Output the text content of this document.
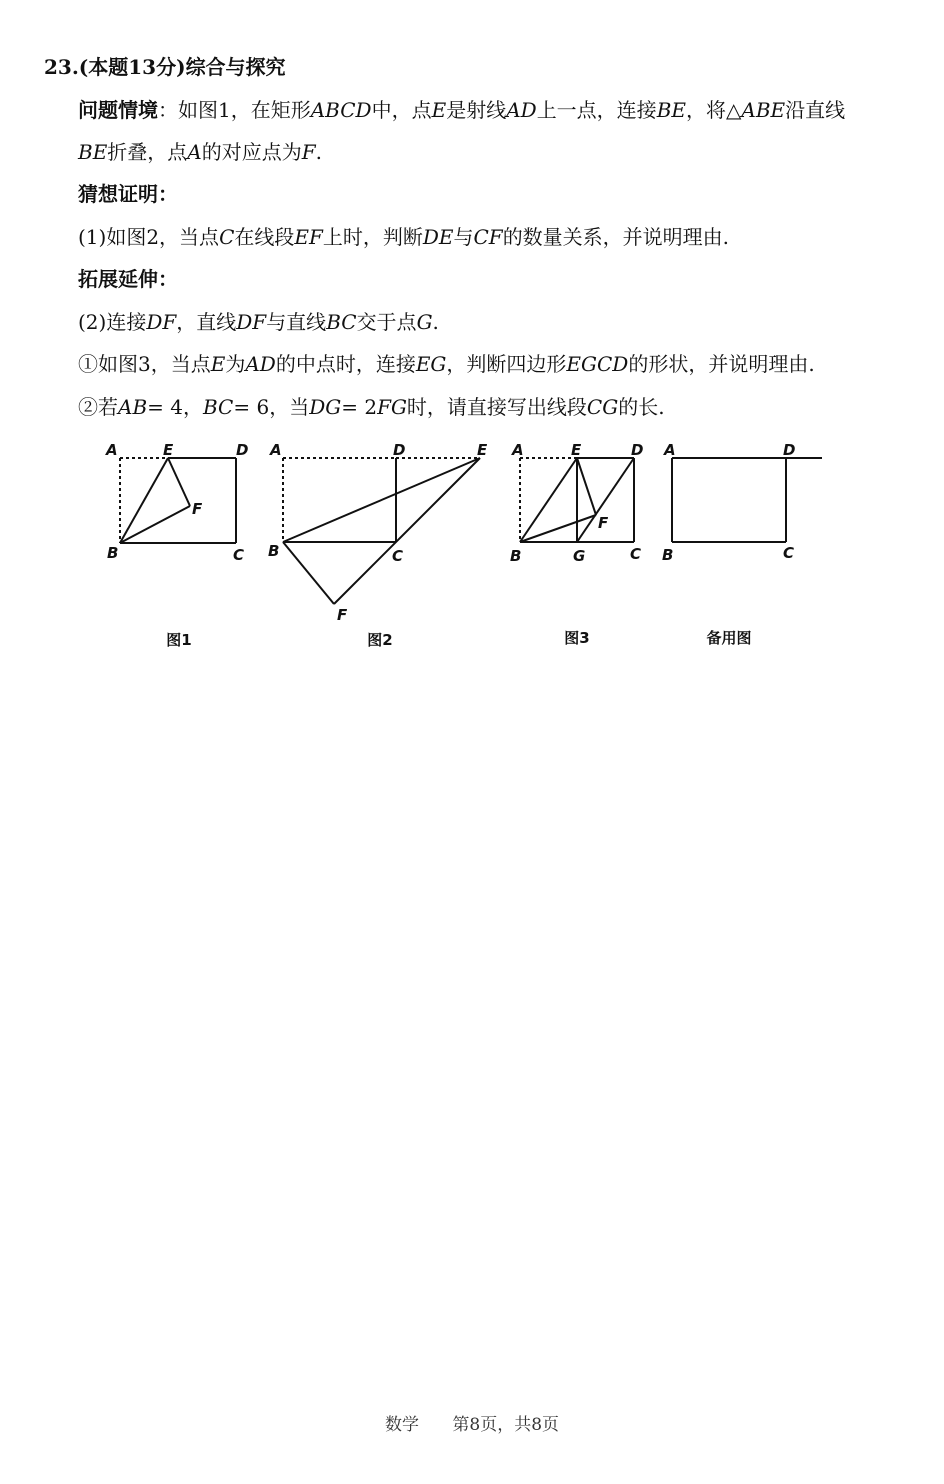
23.(本题13分)综合与探究
问题情境：如图1，在矩形ABCD中，点E是射线AD上一点，连接BE，将△ABE沿直线
BE折叠，点A的对应点为F.
猜想证明：
(1)如图2，当点C在线段EF上时，判断DE与CF的数量关系，并说明理由.
拓展延伸：
(2)连接DF，直线DF与直线BC交于点G.
①如图3，当点E为AD的中点时，连接EG，判断四边形EGCD的形状，并说明理由.
②若AB= 4，BC= 6，当DG= 2FG时，请直接写出线段CG的长.
A	E	D
F
B	C
图1
A	D	E
B	C
F
图2
A	E	D
F
B	G	C
图3
A	D
B	C
备用图
数学 第8页，共8页
